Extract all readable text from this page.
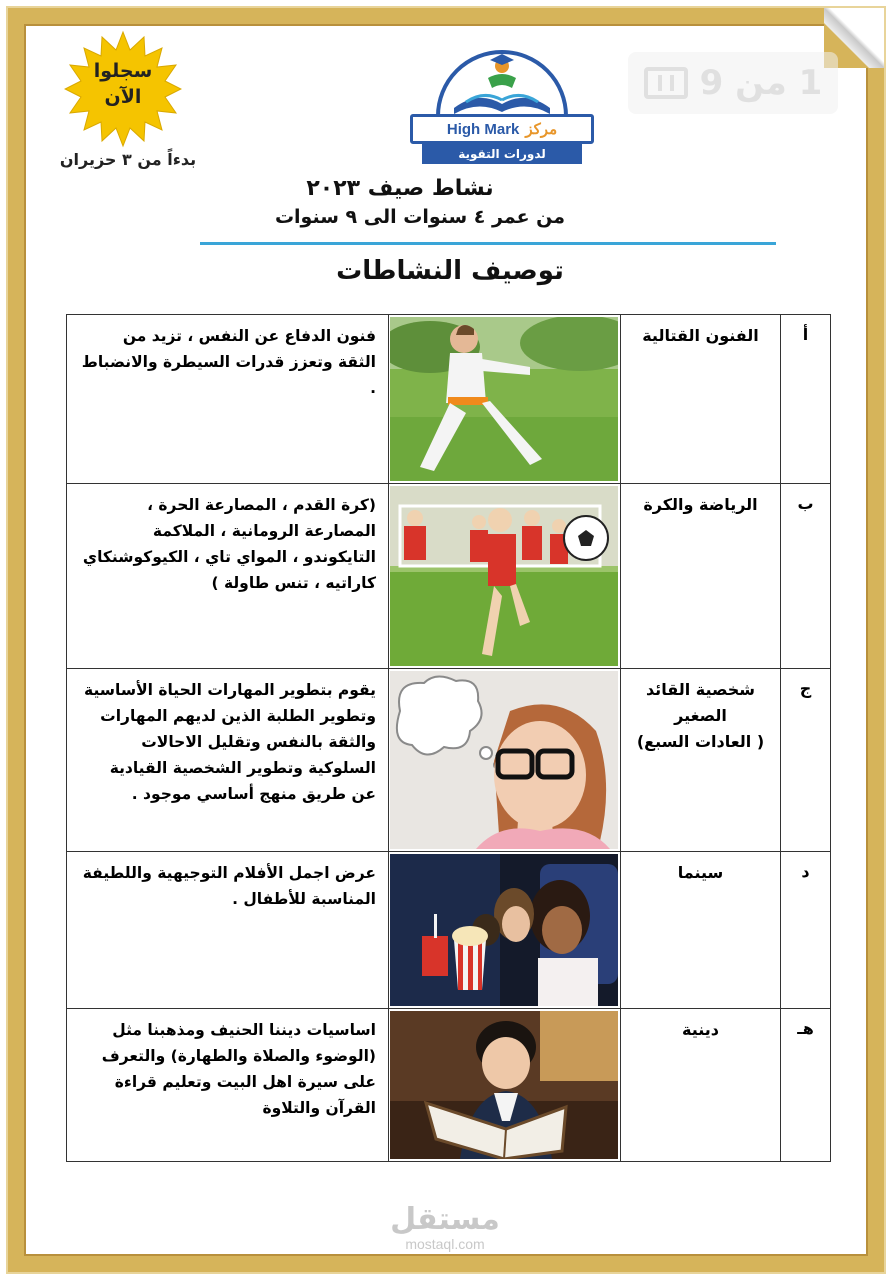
1 من 9
سجلوا
الآن
بدءاً من ٣ حزيران
High Mark مركز
لدورات التقوية
نشاط صيف ٢٠٢٣
من عمر ٤ سنوات الى ٩ سنوات
توصيف النشاطات
أ	الفنون القتالية		فنون الدفاع عن النفس ، تزيد من الثقة وتعزز قدرات السيطرة والانضباط .
ب	الرياضة والكرة		(كرة القدم ، المصارعة الحرة ، المصارعة الرومانية ، الملاكمة التايكوندو ، المواي تاي ، الكيوكوشنكاي كاراتيه ، تنس طاولة )
ج	شخصية القائد
الصغير
( العادات السبع)		يقوم بتطوير المهارات الحياة الأساسية وتطوير الطلبة الذين لديهم المهارات والثقة بالنفس وتقليل الاحالات السلوكية وتطوير الشخصية القيادية عن طريق منهج أساسي موجود .
د	سينما		عرض اجمل الأفلام التوجيهية واللطيفة المناسبة للأطفال .
هـ	دينية		اساسيات ديننا الحنيف ومذهبنا مثل (الوضوء والصلاة والطهارة) والتعرف على سيرة اهل البيت وتعليم قراءة القرآن والتلاوة
مستقل
mostaql.com
